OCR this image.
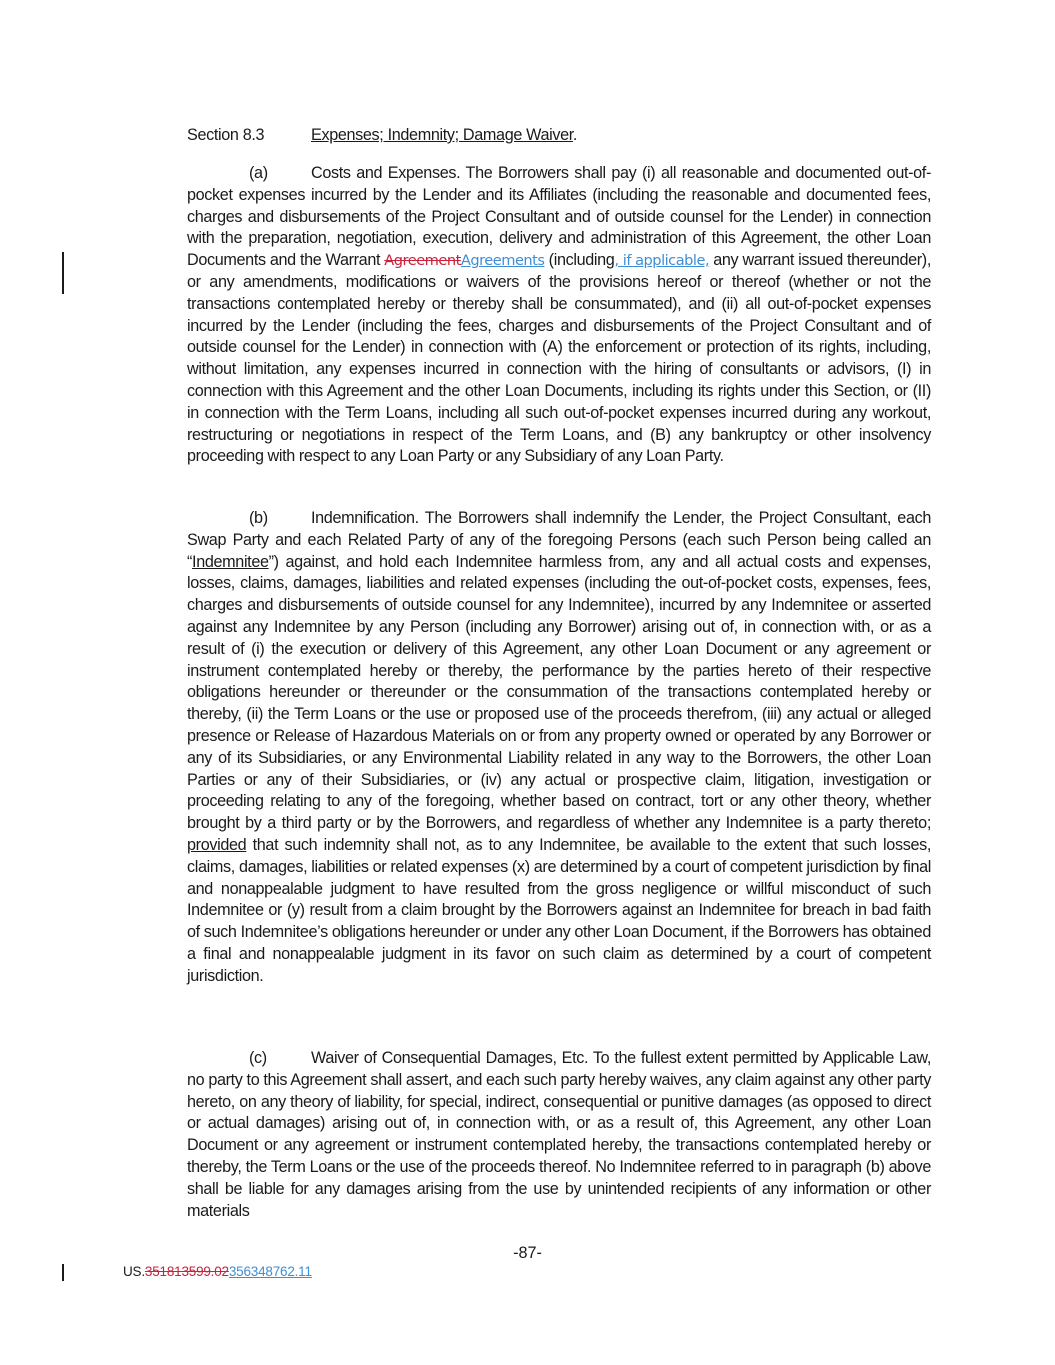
Section 8.3	Expenses; Indemnity; Damage Waiver.

(a)	Costs and Expenses. The Borrowers shall pay (i) all reasonable and documented out-of-pocket expenses incurred by the Lender and its Affiliates (including the reasonable and documented fees, charges and disbursements of the Project Consultant and of outside counsel for the Lender) in connection with the preparation, negotiation, execution, delivery and administration of this Agreement, the other Loan Documents and the Warrant AgreementAgreements (including, if applicable, any warrant issued thereunder), or any amendments, modifications or waivers of the provisions hereof or thereof (whether or not the transactions contemplated hereby or thereby shall be consummated), and (ii) all out-of-pocket expenses incurred by the Lender (including the fees, charges and disbursements of the Project Consultant and of outside counsel for the Lender) in connection with (A) the enforcement or protection of its rights, including, without limitation, any expenses incurred in connection with the hiring of consultants or advisors, (I) in connection with this Agreement and the other Loan Documents, including its rights under this Section, or (II) in connection with the Term Loans, including all such out-of-pocket expenses incurred during any workout, restructuring or negotiations in respect of the Term Loans, and (B) any bankruptcy or other insolvency proceeding with respect to any Loan Party or any Subsidiary of any Loan Party.

(b)	Indemnification. The Borrowers shall indemnify the Lender, the Project Consultant, each Swap Party and each Related Party of any of the foregoing Persons (each such Person being called an “Indemnitee”) against, and hold each Indemnitee harmless from, any and all actual costs and expenses, losses, claims, damages, liabilities and related expenses (including the out-of-pocket costs, expenses, fees, charges and disbursements of outside counsel for any Indemnitee), incurred by any Indemnitee or asserted against any Indemnitee by any Person (including any Borrower) arising out of, in connection with, or as a result of (i) the execution or delivery of this Agreement, any other Loan Document or any agreement or instrument contemplated hereby or thereby, the performance by the parties hereto of their respective obligations hereunder or thereunder or the consummation of the transactions contemplated hereby or thereby, (ii) the Term Loans or the use or proposed use of the proceeds therefrom, (iii) any actual or alleged presence or Release of Hazardous Materials on or from any property owned or operated by any Borrower or any of its Subsidiaries, or any Environmental Liability related in any way to the Borrowers, the other Loan Parties or any of their Subsidiaries, or (iv) any actual or prospective claim, litigation, investigation or proceeding relating to any of the foregoing, whether based on contract, tort or any other theory, whether brought by a third party or by the Borrowers, and regardless of whether any Indemnitee is a party thereto; provided that such indemnity shall not, as to any Indemnitee, be available to the extent that such losses, claims, damages, liabilities or related expenses (x) are determined by a court of competent jurisdiction by final and nonappealable judgment to have resulted from the gross negligence or willful misconduct of such Indemnitee or (y) result from a claim brought by the Borrowers against an Indemnitee for breach in bad faith of such Indemnitee’s obligations hereunder or under any other Loan Document, if the Borrowers has obtained a final and nonappealable judgment in its favor on such claim as determined by a court of competent jurisdiction.

(c)	Waiver of Consequential Damages, Etc. To the fullest extent permitted by Applicable Law, no party to this Agreement shall assert, and each such party hereby waives, any claim against any other party hereto, on any theory of liability, for special, indirect, consequential or punitive damages (as opposed to direct or actual damages) arising out of, in connection with, or as a result of, this Agreement, any other Loan Document or any agreement or instrument contemplated hereby, the transactions contemplated hereby or thereby, the Term Loans or the use of the proceeds thereof. No Indemnitee referred to in paragraph (b) above shall be liable for any damages arising from the use by unintended recipients of any information or other materials

-87-
US.351813599.02356348762.11
